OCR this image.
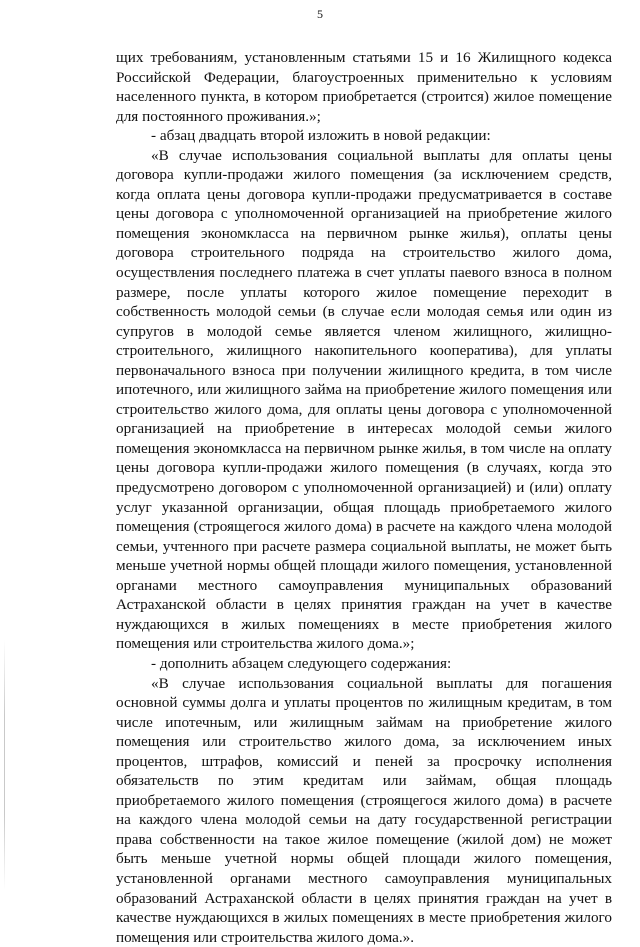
5

щих требованиям, установленным статьями 15 и 16 Жилищного кодекса Российской Федерации, благоустроенных применительно к условиям населенного пункта, в котором приобретается (строится) жилое помещение для постоянного проживания.»;

- абзац двадцать второй изложить в новой редакции:

«В случае использования социальной выплаты для оплаты цены договора купли-продажи жилого помещения (за исключением средств, когда оплата цены договора купли-продажи предусматривается в составе цены договора с уполномоченной организацией на приобретение жилого помещения экономкласса на первичном рынке жилья), оплаты цены договора строительного подряда на строительство жилого дома, осуществления последнего платежа в счет уплаты паевого взноса в полном размере, после уплаты которого жилое помещение переходит в собственность молодой семьи (в случае если молодая семья или один из супругов в молодой семье является членом жилищного, жилищно-строительного, жилищного накопительного кооператива), для уплаты первоначального взноса при получении жилищного кредита, в том числе ипотечного, или жилищного займа на приобретение жилого помещения или строительство жилого дома, для оплаты цены договора с уполномоченной организацией на приобретение в интересах молодой семьи жилого помещения экономкласса на первичном рынке жилья, в том числе на оплату цены договора купли-продажи жилого помещения (в случаях, когда это предусмотрено договором с уполномоченной организацией) и (или) оплату услуг указанной организации, общая площадь приобретаемого жилого помещения (строящегося жилого дома) в расчете на каждого члена молодой семьи, учтенного при расчете размера социальной выплаты, не может быть меньше учетной нормы общей площади жилого помещения, установленной органами местного самоуправления муниципальных образований Астраханской области в целях принятия граждан на учет в качестве нуждающихся в жилых помещениях в месте приобретения жилого помещения или строительства жилого дома.»;

- дополнить абзацем следующего содержания:

«В случае использования социальной выплаты для погашения основной суммы долга и уплаты процентов по жилищным кредитам, в том числе ипотечным, или жилищным займам на приобретение жилого помещения или строительство жилого дома, за исключением иных процентов, штрафов, комиссий и пеней за просрочку исполнения обязательств по этим кредитам или займам, общая площадь приобретаемого жилого помещения (строящегося жилого дома) в расчете на каждого члена молодой семьи на дату государственной регистрации права собственности на такое жилое помещение (жилой дом) не может быть меньше учетной нормы общей площади жилого помещения, установленной органами местного самоуправления муниципальных образований Астраханской области в целях принятия граждан на учет в качестве нуждающихся в жилых помещениях в месте приобретения жилого помещения или строительства жилого дома.».
